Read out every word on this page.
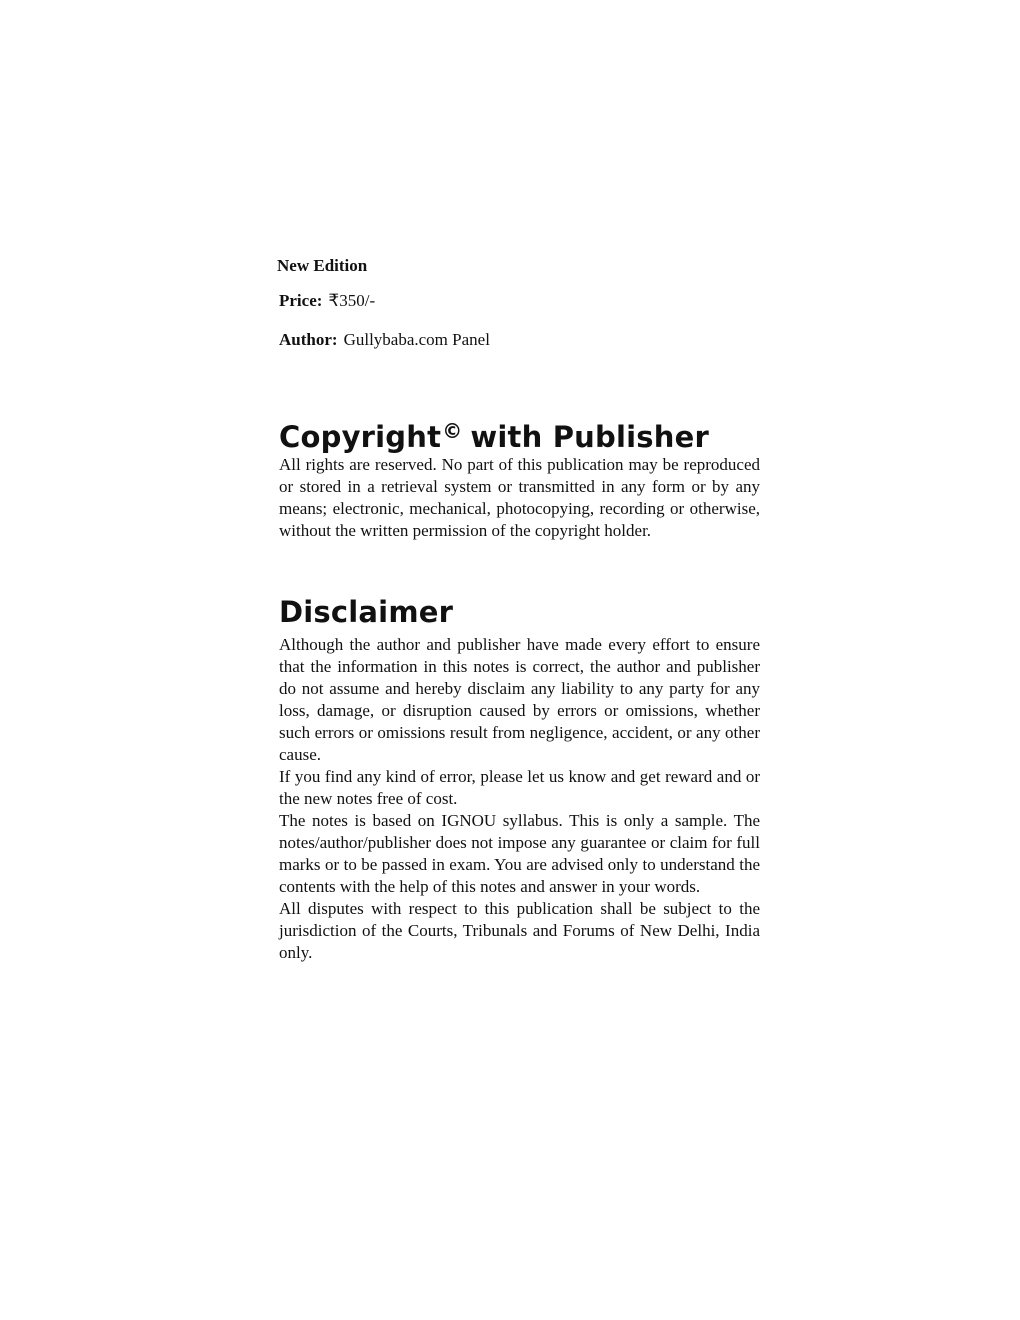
New Edition
Price: ₹350/-
Author: Gullybaba.com Panel
Copyright© with Publisher

All rights are reserved. No part of this publication may be reproduced or stored in a retrieval system or transmitted in any form or by any means; electronic, mechanical, photocopying, recording or otherwise, without the written permission of the copyright holder.

Disclaimer

Although the author and publisher have made every effort to ensure that the information in this notes is correct, the author and publisher do not assume and hereby disclaim any liability to any party for any loss, damage, or disruption caused by errors or omissions, whether such errors or omissions result from negligence, accident, or any other cause.

If you find any kind of error, please let us know and get reward and or the new notes free of cost.

The notes is based on IGNOU syllabus. This is only a sample. The notes/author/publisher does not impose any guarantee or claim for full marks or to be passed in exam. You are advised only to understand the contents with the help of this notes and answer in your words.

All disputes with respect to this publication shall be subject to the jurisdiction of the Courts, Tribunals and Forums of New Delhi, India only.
